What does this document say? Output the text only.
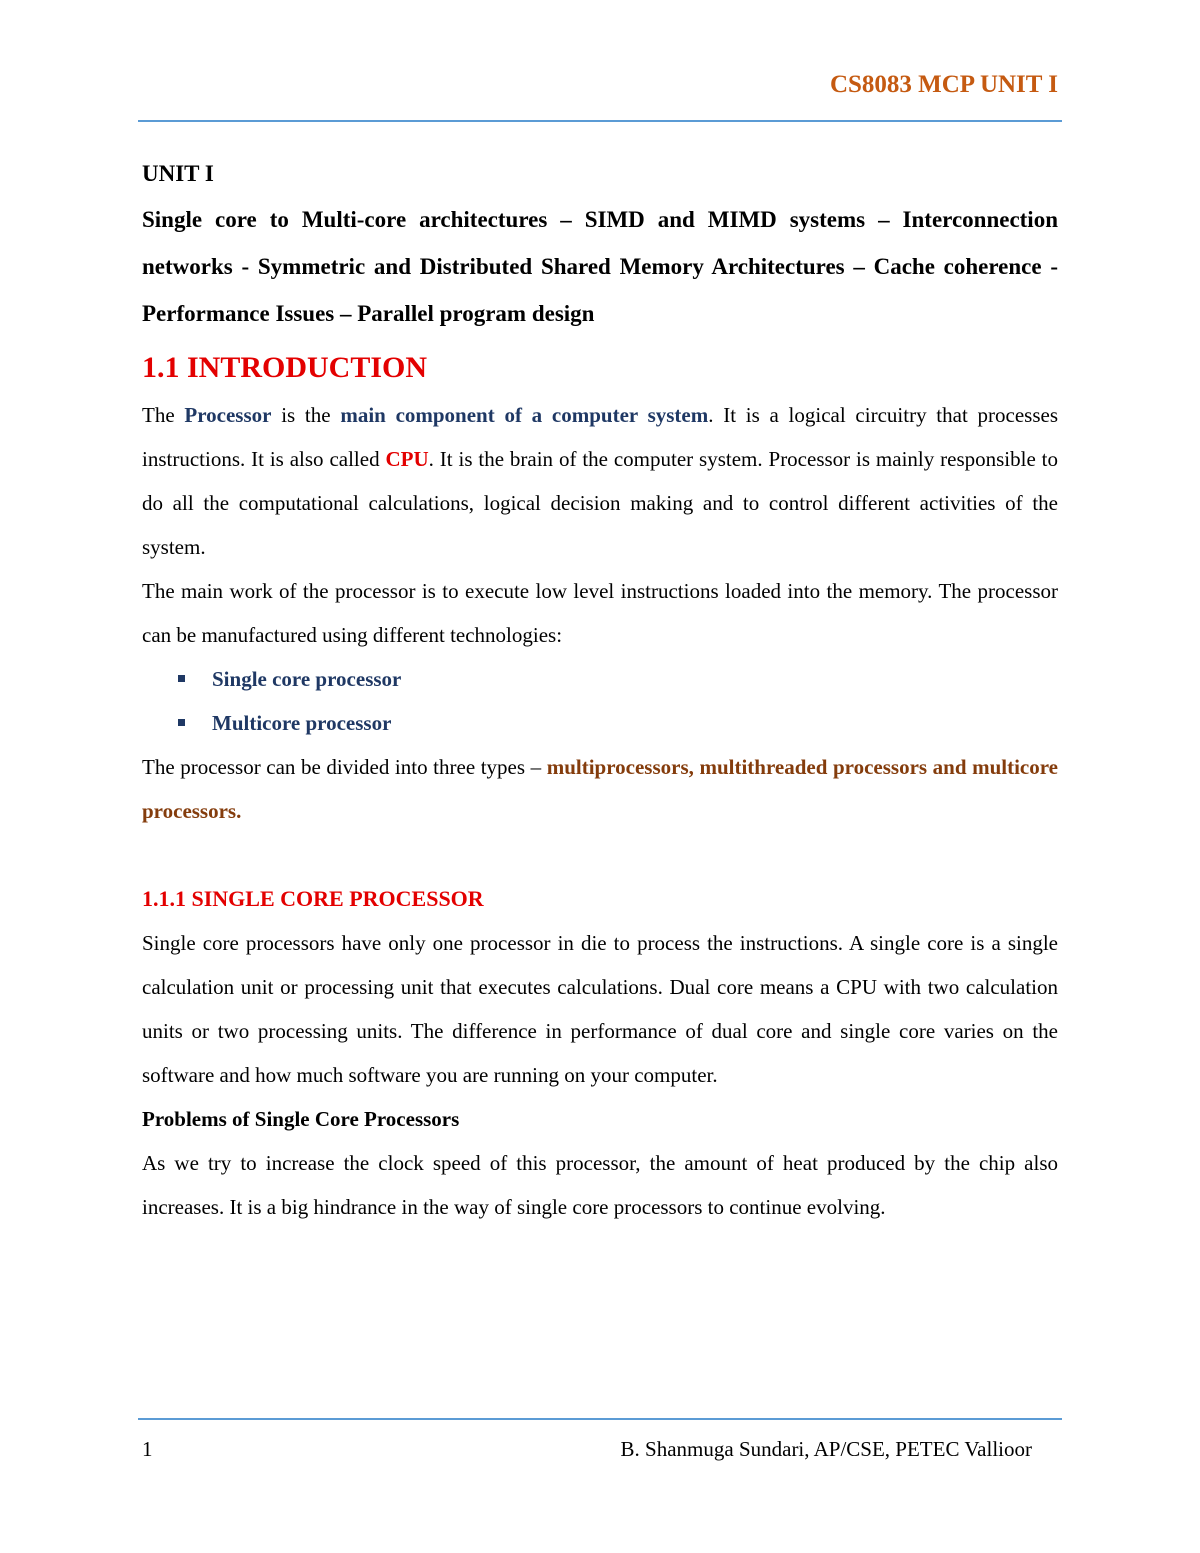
CS8083 MCP UNIT I

UNIT I

Single core to Multi-core architectures – SIMD and MIMD systems – Interconnection networks - Symmetric and Distributed Shared Memory Architectures – Cache coherence - Performance Issues – Parallel program design

1.1 INTRODUCTION

The Processor is the main component of a computer system. It is a logical circuitry that processes instructions. It is also called CPU. It is the brain of the computer system. Processor is mainly responsible to do all the computational calculations, logical decision making and to control different activities of the system.

The main work of the processor is to execute low level instructions loaded into the memory. The processor can be manufactured using different technologies:

Single core processor
Multicore processor

The processor can be divided into three types – multiprocessors, multithreaded processors and multicore processors.

1.1.1 SINGLE CORE PROCESSOR

Single core processors have only one processor in die to process the instructions. A single core is a single calculation unit or processing unit that executes calculations. Dual core means a CPU with two calculation units or two processing units. The difference in performance of dual core and single core varies on the software and how much software you are running on your computer.

Problems of Single Core Processors

As we try to increase the clock speed of this processor, the amount of heat produced by the chip also increases. It is a big hindrance in the way of single core processors to continue evolving.

1	B. Shanmuga Sundari, AP/CSE, PETEC Vallioor
